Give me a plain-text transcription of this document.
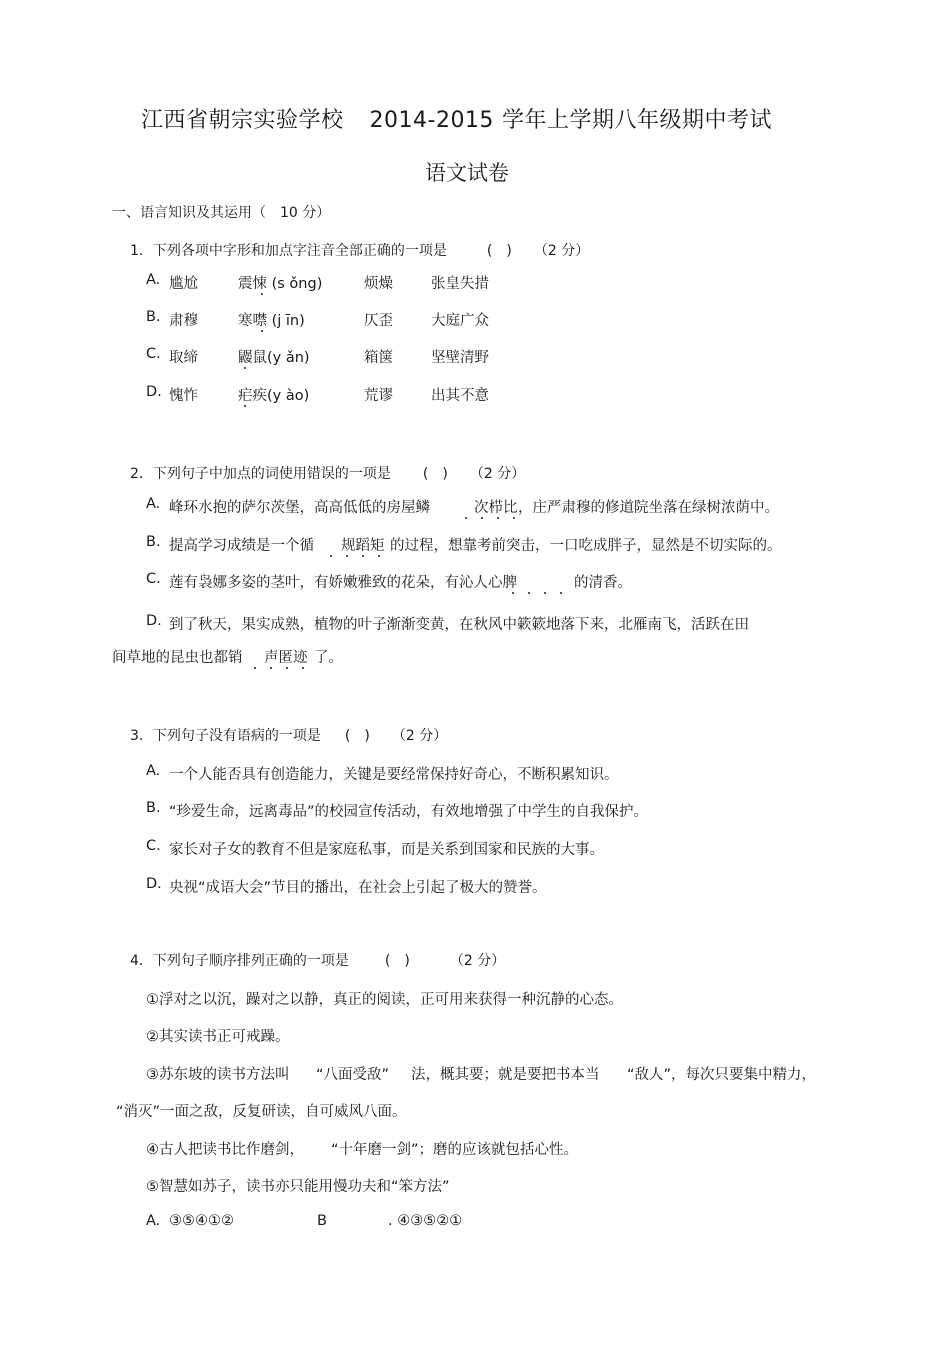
江西省朝宗实验学校 2014-2015 学年上学期八年级期中考试
语文试卷
一、语言知识及其运用（　10 分）
1．下列各项中字形和加点字注音全部正确的一项是	(　) （2 分）
A. 尴尬	震悚 (s ǒng)	烦燥	张皇失措
B. 肃穆	寒噤 (j īn)	仄歪	大庭广众
C. 取缔	鼹鼠(y ǎn)	箱箧	坚壁清野
D. 愧怍	疟疾(y ào)	荒谬	出其不意
2．下列句子中加点的词使用错误的一项是 (　) （2 分）
A. 峰环水抱的萨尔茨堡，高高低低的房屋鳞	次栉比 ，庄严肃穆的修道院坐落在绿树浓荫中。
B. 提高学习成绩是一个循 规蹈矩 的过程，想靠考前突击，一口吃成胖子，显然是不切实际的。
C. 莲有袅娜多姿的茎叶，有娇嫩雅致的花朵，有沁人心脾	的清香。
D. 到了秋天，果实成熟，植物的叶子渐渐变黄，在秋风中簌簌地落下来，北雁南飞，活跃在田
间草地的昆虫也都销 声匿迹 了。
3．下列句子没有语病的一项是 (　) （2 分）
A. 一个人能否具有创造能力，关键是要经常保持好奇心，不断积累知识。
B. “珍爱生命，远离毒品”的校园宣传活动，有效地增强了中学生的自我保护。
C. 家长对子女的教育不但是家庭私事，而是关系到国家和民族的大事。
D. 央视“成语大会”节目的播出，在社会上引起了极大的赞誉。
4．下列句子顺序排列正确的一项是	(　)	（2 分）
①浮对之以沉，躁对之以静，真正的阅读，正可用来获得一种沉静的心态。
②其实读书正可戒躁。
③苏东坡的读书方法叫 “八面受敌” 法，概其要；就是要把书本当 “敌人”，每次只要集中精力，
“消灭”一面之敌，反复研读，自可威风八面。
④古人把读书比作磨剑， “十年磨一剑”；磨的应该就包括心性。
⑤智慧如苏子，读书亦只能用慢功夫和“笨方法”
A. ③⑤④①②	B	. ④③⑤②①
